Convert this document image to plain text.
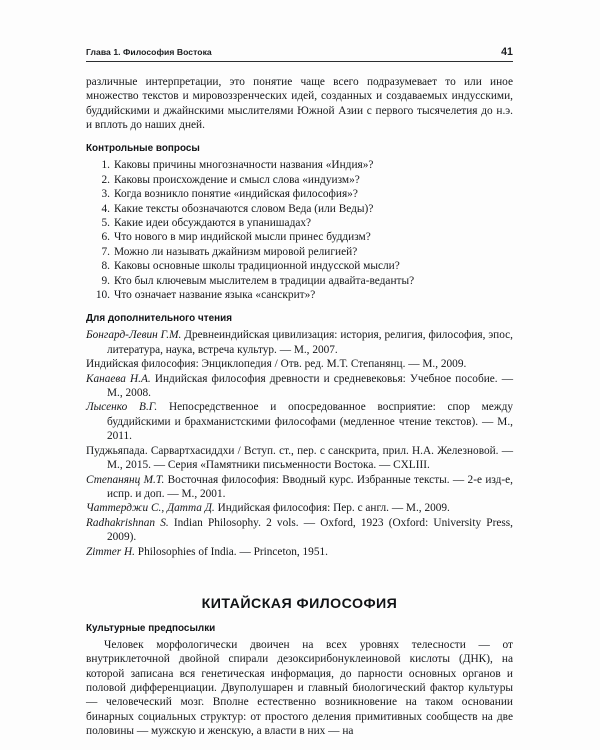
Глава 1. Философия Востока	41

различные интерпретации, это понятие чаще всего подразумевает то или иное множество текстов и мировоззренческих идей, созданных и создаваемых индусскими, буддийскими и джайнскими мыслителями Южной Азии с первого тысячелетия до н.э. и вплоть до наших дней.

Контрольные вопросы
1. Каковы причины многозначности названия «Индия»?
2. Каковы происхождение и смысл слова «индуизм»?
3. Когда возникло понятие «индийская философия»?
4. Какие тексты обозначаются словом Веда (или Веды)?
5. Какие идеи обсуждаются в упанишадах?
6. Что нового в мир индийской мысли принес буддизм?
7. Можно ли называть джайнизм мировой религией?
8. Каковы основные школы традиционной индусской мысли?
9. Кто был ключевым мыслителем в традиции адвайта-веданты?
10. Что означает название языка «санскрит»?
Для дополнительного чтения
Бонгард-Левин Г.М. Древнеиндийская цивилизация: история, религия, философия, эпос, литература, наука, встреча культур. — М., 2007.
Индийская философия: Энциклопедия / Отв. ред. М.Т. Степанянц. — М., 2009.
Канаева Н.А. Индийская философия древности и средневековья: Учебное пособие. — М., 2008.
Лысенко В.Г. Непосредственное и опосредованное восприятие: спор между буддийскими и брахманистскими философами (медленное чтение текстов). — М., 2011.
Пуджьяпада. Сарвартхасиддхи / Вступ. ст., пер. с санскрита, прил. Н.А. Железновой. — М., 2015. — Серия «Памятники письменности Востока. — CXLIII.
Степанянц М.Т. Восточная философия: Вводный курс. Избранные тексты. — 2-е изд-е, испр. и доп. — М., 2001.
Чаттерджи С., Датта Д. Индийская философия: Пер. с англ. — М., 2009.
Radhakrishnan S. Indian Philosophy. 2 vols. — Oxford, 1923 (Oxford: University Press, 2009).
Zimmer H. Philosophies of India. — Princeton, 1951.
КИТАЙСКАЯ ФИЛОСОФИЯ
Культурные предпосылки

Человек морфологически двоичен на всех уровнях телесности — от внутриклеточной двойной спирали дезоксирибонуклеиновой кислоты (ДНК), на которой записана вся генетическая информация, до парности основных органов и половой дифференциации. Двуполушарен и главный биологический фактор культуры — человеческий мозг. Вполне естественно возникновение на таком основании бинарных социальных структур: от простого деления примитивных сообществ на две половины — мужскую и женскую, а власти в них — на
